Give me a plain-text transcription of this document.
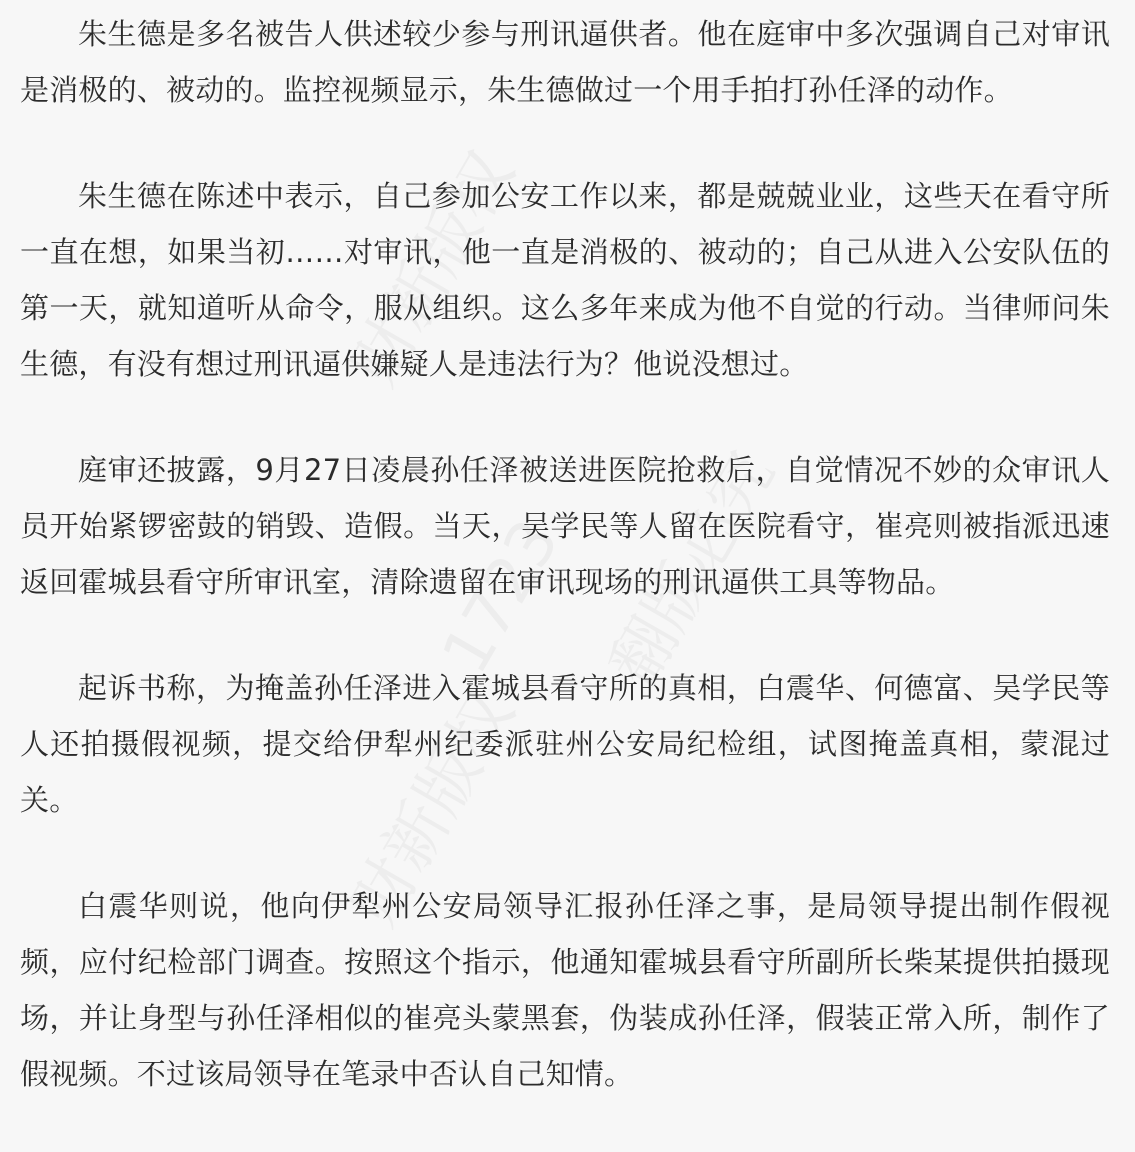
财新版权
1723 翻版必究
财新版权

朱生德是多名被告人供述较少参与刑讯逼供者。他在庭审中多次强调自己对审讯是消极的、被动的。监控视频显示，朱生德做过一个用手拍打孙任泽的动作。

朱生德在陈述中表示，自己参加公安工作以来，都是兢兢业业，这些天在看守所一直在想，如果当初……对审讯，他一直是消极的、被动的；自己从进入公安队伍的第一天，就知道听从命令，服从组织。这么多年来成为他不自觉的行动。当律师问朱生德，有没有想过刑讯逼供嫌疑人是违法行为？他说没想过。

庭审还披露，9月27日凌晨孙任泽被送进医院抢救后，自觉情况不妙的众审讯人员开始紧锣密鼓的销毁、造假。当天，吴学民等人留在医院看守，崔亮则被指派迅速返回霍城县看守所审讯室，清除遗留在审讯现场的刑讯逼供工具等物品。

起诉书称，为掩盖孙任泽进入霍城县看守所的真相，白震华、何德富、吴学民等人还拍摄假视频，提交给伊犁州纪委派驻州公安局纪检组，试图掩盖真相，蒙混过关。

白震华则说，他向伊犁州公安局领导汇报孙任泽之事，是局领导提出制作假视频，应付纪检部门调查。按照这个指示，他通知霍城县看守所副所长柴某提供拍摄现场，并让身型与孙任泽相似的崔亮头蒙黑套，伪装成孙任泽，假装正常入所，制作了假视频。不过该局领导在笔录中否认自己知情。
